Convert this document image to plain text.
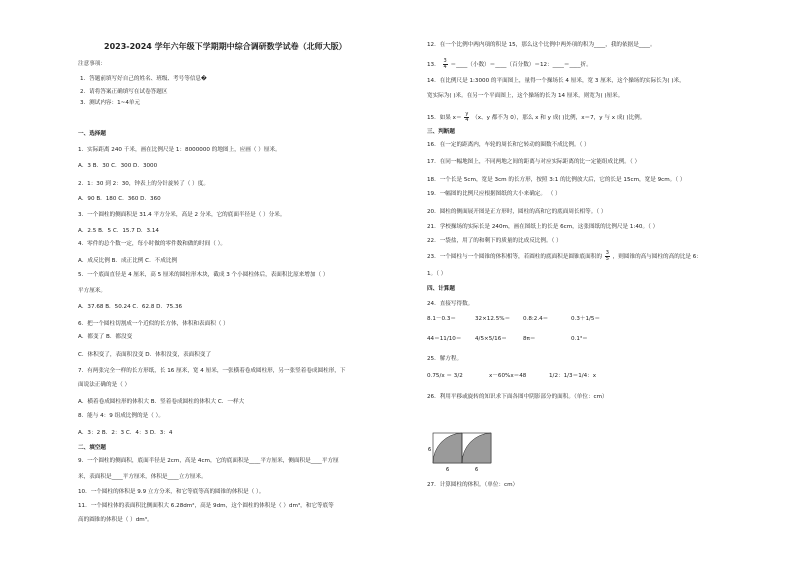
2023-2024 学年六年级下学期期中综合调研数学试卷（北师大版）
注意事项：
1．答题前填写好自己的姓名、班级、考号等信息�
2．请将答案正确填写在试卷答题区
3．测试内容：1~4单元
一、选择题
1．实际距离 240 千米，画在比例尺是 1：8000000 的地图上，应画（ ）厘米。
A．3 B．30 C．300 D．3000
2．1：30 到 2：30，钟表上的分针旋转了（ ）度。
A．90 B．180 C．360 D．360
3．一个圆柱的侧面积是 31.4 平方分米，高是 2 分米，它的底面半径是（ ）分米。
A．2.5 B．5 C．15.7 D．3.14
4．零件的总个数一定，每小时做的零件数和做的时间（ ）。
A．成反比例 B．成正比例 C．不成比例
5．一个底面直径是 4 厘米，高 5 厘米的圆柱形木块，截成 3 个小圆柱体后，表面积比原来增加（ ）
平方厘米。
A．37.68 B．50.24 C．62.8 D．75.36
6．把一个圆柱切割成一个近似的长方体，体积和表面积（ ）
A．都变了 B．都没变
C．体积变了，表面积没变 D．体积没变，表面积变了
7．有两张完全一样的长方形纸，长 16 厘米，宽 4 厘米，一张横着卷成圆柱形，另一张竖着卷成圆柱形，下
面说法正确的是（ ）
A．横着卷成圆柱形的体积大 B．竖着卷成圆柱的体积大 C．一样大
8．能与 4：9 组成比例的是（ ）。
A．3：2 B．2：3 C．4：3 D．3：4
二、填空题
9．一个圆柱的侧面积，底面半径是 2cm，高是 4cm，它的底面积是____平方厘米，侧面积是____平方厘
米，表面积是____平方厘米，体积是____立方厘米。
10．一个圆柱的体积是 9.9 立方分米，和它等底等高的圆锥的体积是（ ）。
11．一个圆柱体的表面积比侧面积大 6.28dm²，高是 9dm，这个圆柱的体积是（ ）dm³，和它等底等
高的圆锥的体积是（ ）dm³。
12．在一个比例中两内项的积是 15，那么这个比例中两外项的积为____，我的依据是____。
14．在比例尺是 1:3000 的平面图上，量得一个操场长 4 厘米，宽 3 厘米，这个操场的实际长为( )米，
宽实际为( )米。在另一个平面图上，这个操场的长为 14 厘米，则宽为( )厘米。
16．在一定的距离内，车轮的周长和它转动的圈数不成比例。（ ）
三、判断题
17．在同一幅地图上，不同两地之间的距离与对应实际距离的比一定能组成比例。（ ）
18．一个长是 5cm，宽是 3cm 的长方形，按照 3:1 的比例放大后，它的长是 15cm，宽是 9cm。（ ）
19．一幅图的比例尺应根据图纸的大小来确定。 （ ）
20．圆柱的侧面展开图是正方形时，圆柱的高和它的底面周长相等。（ ）
21．学校操场的实际长是 240m，画在图纸上的长是 6cm，这张图纸的比例尺是 1:40。（ ）
22．一袋盐，用了的和剩下的质量的比成反比例。（ ）
24．直接写得数。
四、计算题
25．解方程。
26．利用平移或旋转的知识求下面各图中阴影部分的面积。（单位：cm）
27．计算圆柱的体积。（单位：cm）
13． $\frac{3}{4}$ ＝____（小数）＝____（百分数）＝12：____＝____折。
15．如果 $x= \frac{y}{4} (x$、y 都不为 0），那么 x 和 y 成( )比例，x＝7，y 与 x 成( )比例。
23．一个圆柱与一个圆锥的体积相等，若圆柱的底面积是圆锥底面积的 $\frac{3}{5}$ ，则圆锥的高与圆柱的高的比是 6：
1。（ ）
8.1－0.3＝	32×12.5%＝ 0.8:2.4＝	0.3＋1/5＝
44＝11/10＝ 4/5×5/16＝	8π＝	0.1³＝
0.75/x ＝ 3/2	x－60%x＝48	1/2：1/3＝1/4：x
6
6	6
